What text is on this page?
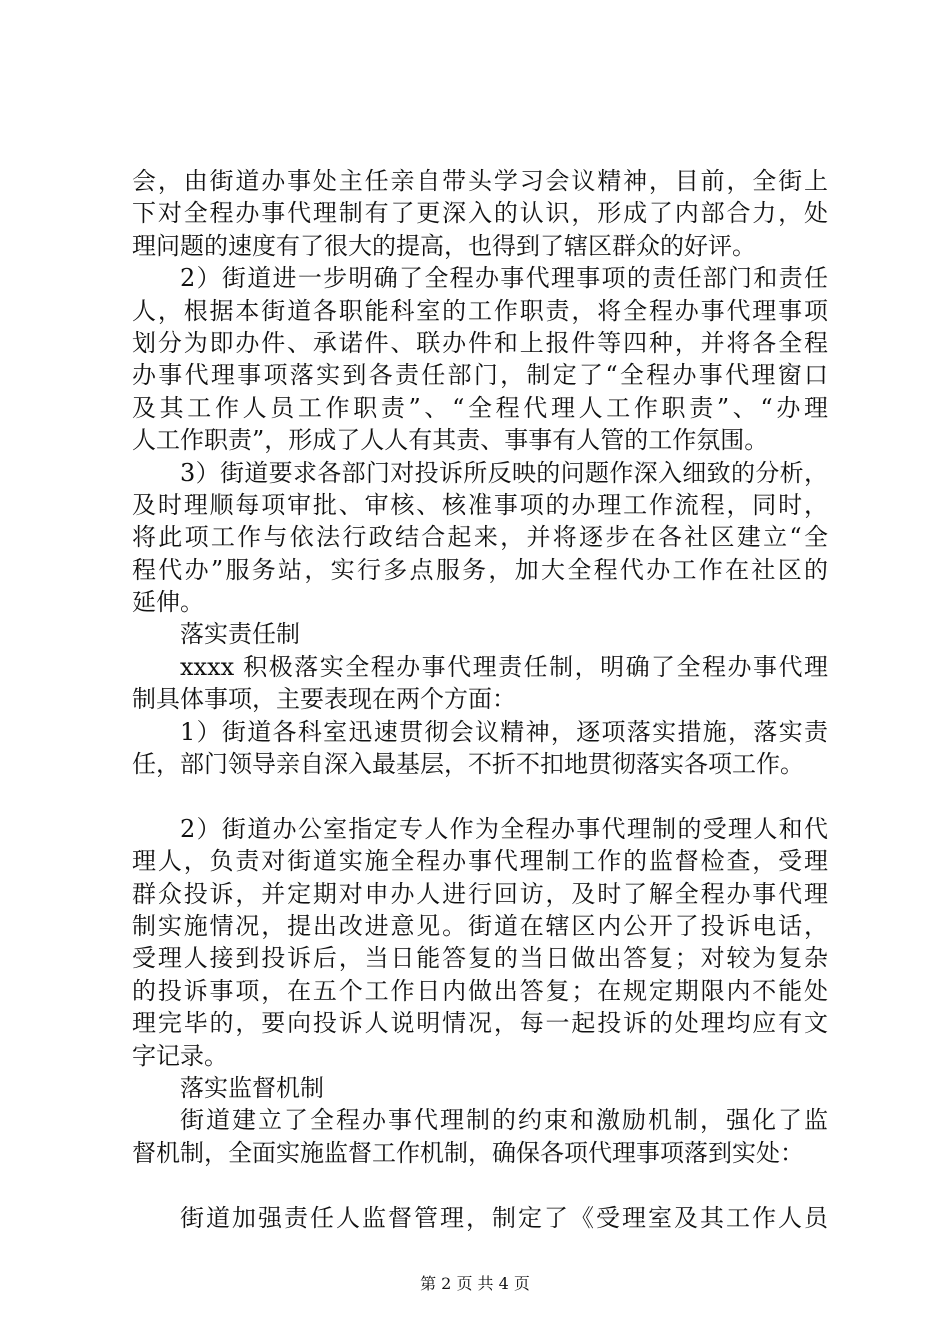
会，由街道办事处主任亲自带头学习会议精神，目前，全街上
下对全程办事代理制有了更深入的认识，形成了内部合力，处
理问题的速度有了很大的提高，也得到了辖区群众的好评。
2）街道进一步明确了全程办事代理事项的责任部门和责任
人，根据本街道各职能科室的工作职责，将全程办事代理事项
划分为即办件、承诺件、联办件和上报件等四种，并将各全程
办事代理事项落实到各责任部门，制定了“全程办事代理窗口
及其工作人员工作职责”、“全程代理人工作职责”、“办理
人工作职责”，形成了人人有其责、事事有人管的工作氛围。
3）街道要求各部门对投诉所反映的问题作深入细致的分析，
及时理顺每项审批、审核、核准事项的办理工作流程，同时，
将此项工作与依法行政结合起来，并将逐步在各社区建立“全
程代办”服务站，实行多点服务，加大全程代办工作在社区的
延伸。
落实责任制
xxxx 积极落实全程办事代理责任制，明确了全程办事代理
制具体事项，主要表现在两个方面：
1）街道各科室迅速贯彻会议精神，逐项落实措施，落实责
任，部门领导亲自深入最基层，不折不扣地贯彻落实各项工作。
2）街道办公室指定专人作为全程办事代理制的受理人和代
理人，负责对街道实施全程办事代理制工作的监督检查，受理
群众投诉，并定期对申办人进行回访，及时了解全程办事代理
制实施情况，提出改进意见。街道在辖区内公开了投诉电话，
受理人接到投诉后，当日能答复的当日做出答复；对较为复杂
的投诉事项，在五个工作日内做出答复；在规定期限内不能处
理完毕的，要向投诉人说明情况，每一起投诉的处理均应有文
字记录。
落实监督机制
街道建立了全程办事代理制的约束和激励机制，强化了监
督机制，全面实施监督工作机制，确保各项代理事项落到实处：
街道加强责任人监督管理，制定了《受理室及其工作人员
第 2 页 共 4 页
